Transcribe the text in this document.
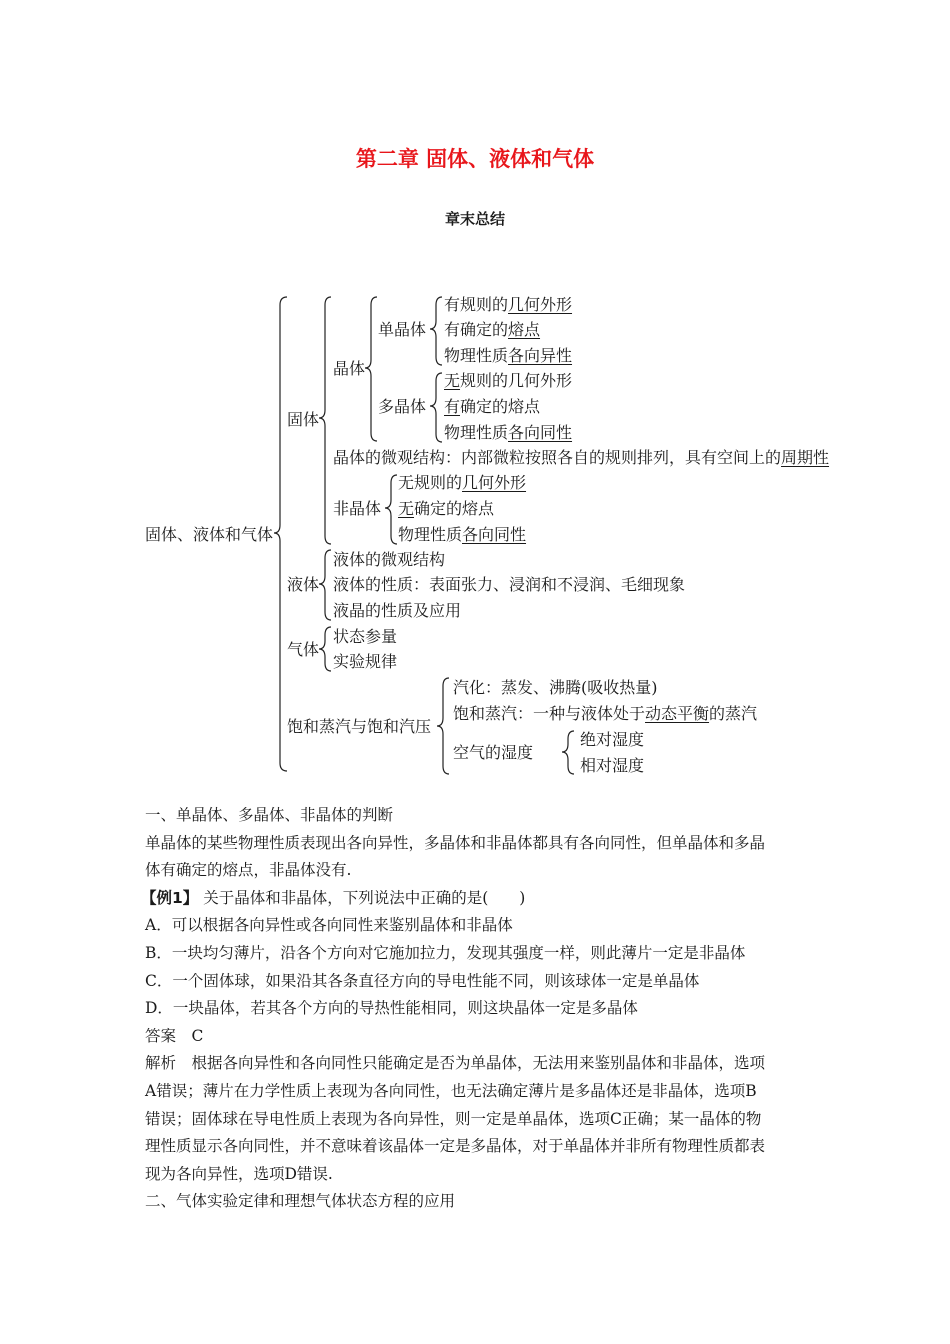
第二章 固体、液体和气体
章末总结
固体、液体和气体
固体
晶体
单晶体
有规则的几何外形
有确定的熔点
物理性质各向异性
多晶体
无规则的几何外形
有确定的熔点
物理性质各向同性
晶体的微观结构：内部微粒按照各自的规则排列，具有空间上的周期性
非晶体
无规则的几何外形
无确定的熔点
物理性质各向同性
液体
液体的微观结构
液体的性质：表面张力、浸润和不浸润、毛细现象
液晶的性质及应用
气体
状态参量
实验规律
饱和蒸汽与饱和汽压
汽化：蒸发、沸腾(吸收热量)
饱和蒸汽：一种与液体处于动态平衡的蒸汽
空气的湿度
绝对湿度
相对湿度
一、单晶体、多晶体、非晶体的判断
单晶体的某些物理性质表现出各向异性，多晶体和非晶体都具有各向同性，但单晶体和多晶
体有确定的熔点，非晶体没有.
【例1】 关于晶体和非晶体，下列说法中正确的是(　　)
A．可以根据各向异性或各向同性来鉴别晶体和非晶体
B．一块均匀薄片，沿各个方向对它施加拉力，发现其强度一样，则此薄片一定是非晶体
C．一个固体球，如果沿其各条直径方向的导电性能不同，则该球体一定是单晶体
D．一块晶体，若其各个方向的导热性能相同，则这块晶体一定是多晶体
答案　C
解析　根据各向异性和各向同性只能确定是否为单晶体，无法用来鉴别晶体和非晶体，选项
A错误；薄片在力学性质上表现为各向同性，也无法确定薄片是多晶体还是非晶体，选项B
错误；固体球在导电性质上表现为各向异性，则一定是单晶体，选项C正确；某一晶体的物
理性质显示各向同性，并不意味着该晶体一定是多晶体，对于单晶体并非所有物理性质都表
现为各向异性，选项D错误.
二、气体实验定律和理想气体状态方程的应用
